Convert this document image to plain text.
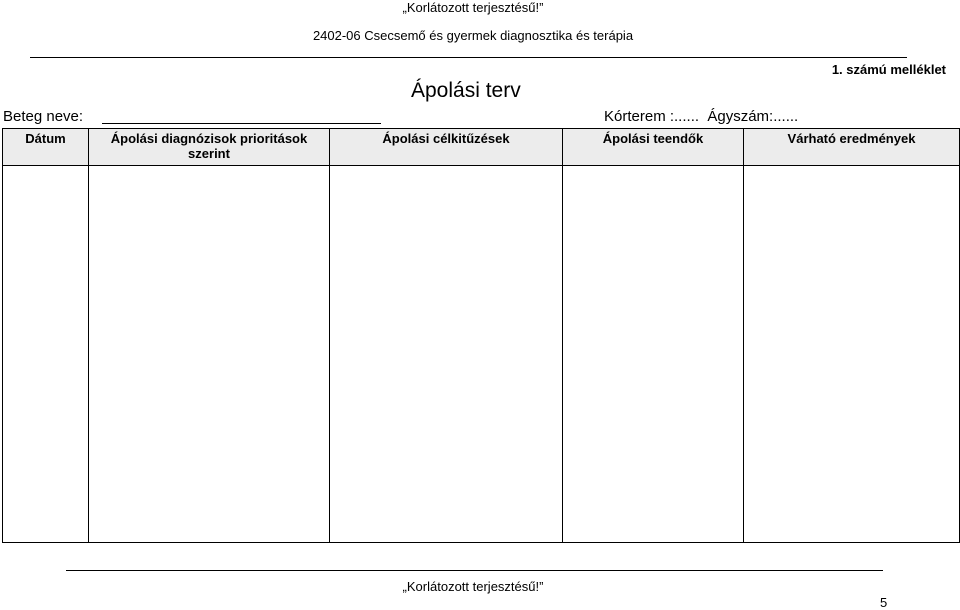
„Korlátozott terjesztésű!”
2402-06 Csecsemő és gyermek diagnosztika és terápia
1. számú melléklet
Ápolási terv
Beteg neve:	Kórterem :......  Ágyszám:......
Dátum	Ápolási diagnózisok prioritások szerint	Ápolási célkitűzések	Ápolási teendők	Várható eredmények

„Korlátozott terjesztésű!”
5
